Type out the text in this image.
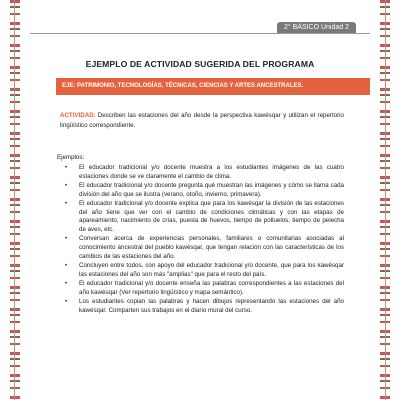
2° BÁSICO Unidad 2
EJEMPLO DE ACTIVIDAD SUGERIDA DEL PROGRAMA
EJE: PATRIMONIO, TECNOLOGÍAS, TÉCNICAS, CIENCIAS Y ARTES ANCESTRALES.
ACTIVIDAD: Describen las estaciones del año desde la perspectiva kawésqar y utilizan el repertorio lingüístico correspondiente.
Ejemplos:
• El educador tradicional y/o docente muestra a los estudiantes imágenes de las cuatro estaciones donde se ve claramente el cambio de clima.
• El educador tradicional y/o docente pregunta qué muestran las imágenes y cómo se llama cada división del año que se ilustra (verano, otoño, invierno, primavera).
• El educador tradicional y/o docente explica que para los kawésqar la división de las estaciones del año tiene que ver con el cambio de condiciones climáticas y con las etapas de apareamiento, nacimiento de crías, puesta de huevos, tiempo de polluelos, tiempo de pelecha de aves, etc.
• Conversan acerca de experiencias personales, familiares o comunitarias asociadas al conocimiento ancestral del pueblo kawésqar, que tengan relación con las características de los cambios de las estaciones del año.
• Concluyen entre todos, con apoyo del educador tradicional y/o docente, que para los kawésqar las estaciones del año son más "amplias" que para el resto del país.
• El educador tradicional y/o docente enseña las palabras correspondientes a las estaciones del año kawésqar (Ver repertorio lingüístico y mapa semántico).
• Los estudiantes copian las palabras y hacen dibujos representando las estaciones del año kawésqar. Comparten sus trabajos en el diario mural del curso.
